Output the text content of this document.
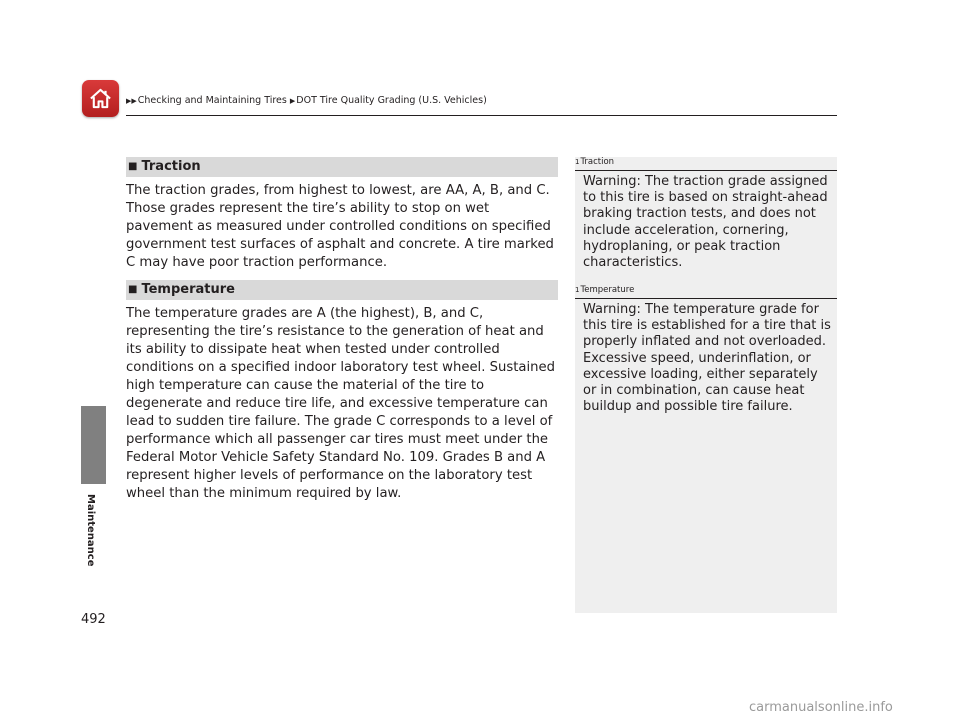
▶▶Checking and Maintaining Tires ▶DOT Tire Quality Grading (U.S. Vehicles)
Maintenance
492
■ Traction

The traction grades, from highest to lowest, are AA, A, B, and C. Those grades represent the tire’s ability to stop on wet pavement as measured under controlled conditions on specified government test surfaces of asphalt and concrete. A tire marked C may have poor traction performance.

■ Temperature

The temperature grades are A (the highest), B, and C, representing the tire’s resistance to the generation of heat and its ability to dissipate heat when tested under controlled conditions on a specified indoor laboratory test wheel. Sustained high temperature can cause the material of the tire to degenerate and reduce tire life, and excessive temperature can lead to sudden tire failure. The grade C corresponds to a level of performance which all passenger car tires must meet under the Federal Motor Vehicle Safety Standard No. 109. Grades B and A represent higher levels of performance on the laboratory test wheel than the minimum required by law.

1Traction

Warning: The traction grade assigned to this tire is based on straight-ahead braking traction tests, and does not include acceleration, cornering, hydroplaning, or peak traction characteristics.

1Temperature

Warning: The temperature grade for this tire is established for a tire that is properly inflated and not overloaded. Excessive speed, underinflation, or excessive loading, either separately or in combination, can cause heat buildup and possible tire failure.

carmanualsonline.info
